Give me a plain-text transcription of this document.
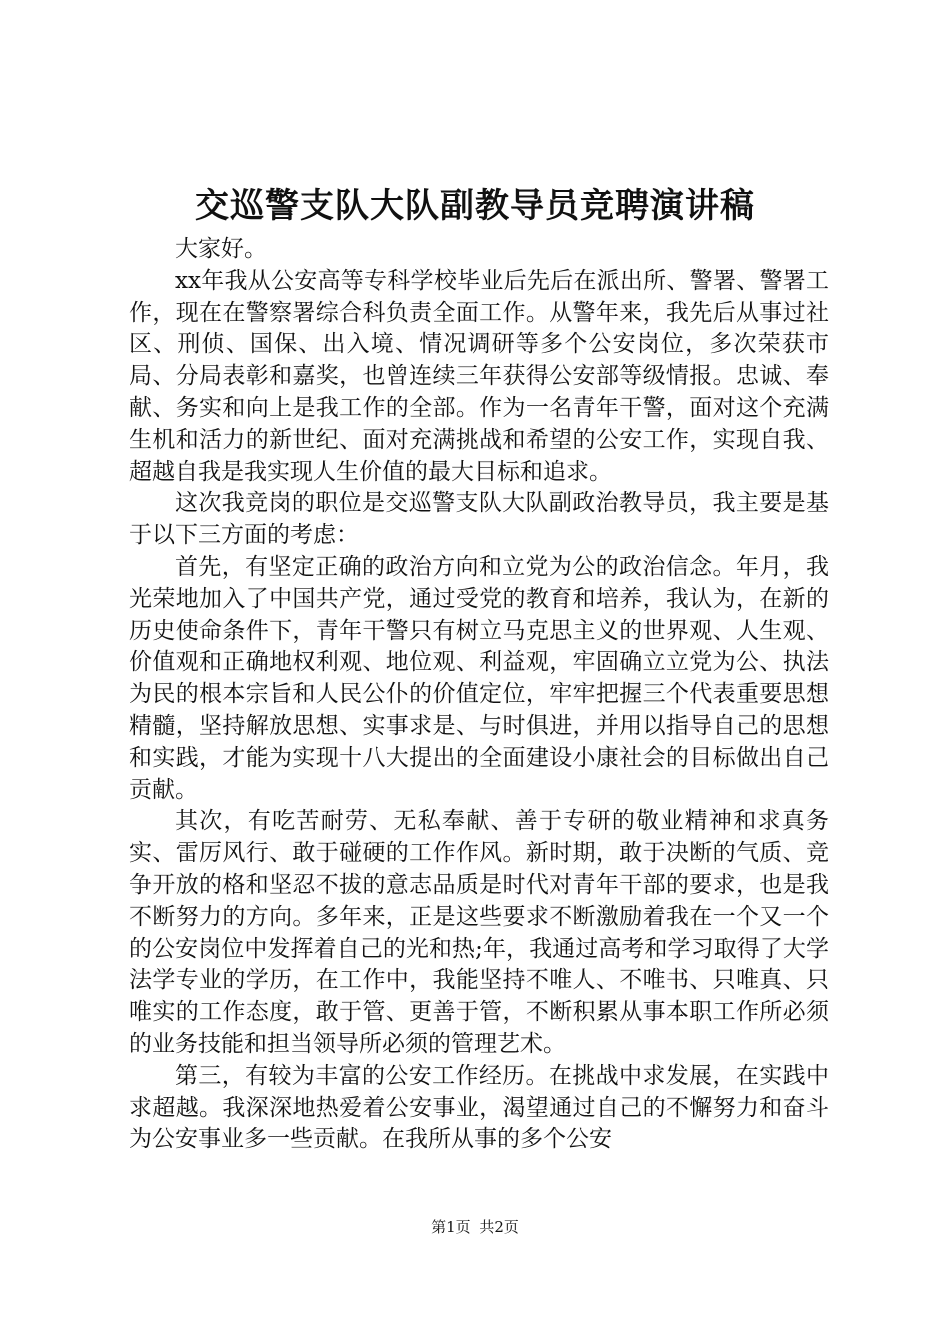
交巡警支队大队副教导员竞聘演讲稿

大家好。

xx年我从公安高等专科学校毕业后先后在派出所、警署、警署工作，现在在警察署综合科负责全面工作。从警年来，我先后从事过社区、刑侦、国保、出入境、情况调研等多个公安岗位，多次荣获市局、分局表彰和嘉奖，也曾连续三年获得公安部等级情报。忠诚、奉献、务实和向上是我工作的全部。作为一名青年干警，面对这个充满生机和活力的新世纪、面对充满挑战和希望的公安工作，实现自我、超越自我是我实现人生价值的最大目标和追求。

这次我竞岗的职位是交巡警支队大队副政治教导员，我主要是基于以下三方面的考虑：

首先，有坚定正确的政治方向和立党为公的政治信念。年月，我光荣地加入了中国共产党，通过受党的教育和培养，我认为，在新的历史使命条件下，青年干警只有树立马克思主义的世界观、人生观、价值观和正确地权利观、地位观、利益观，牢固确立立党为公、执法为民的根本宗旨和人民公仆的价值定位，牢牢把握三个代表重要思想精髓，坚持解放思想、实事求是、与时俱进，并用以指导自己的思想和实践，才能为实现十八大提出的全面建设小康社会的目标做出自己贡献。

其次，有吃苦耐劳、无私奉献、善于专研的敬业精神和求真务实、雷厉风行、敢于碰硬的工作作风。新时期，敢于决断的气质、竞争开放的格和坚忍不拔的意志品质是时代对青年干部的要求，也是我不断努力的方向。多年来，正是这些要求不断激励着我在一个又一个的公安岗位中发挥着自己的光和热;年，我通过高考和学习取得了大学法学专业的学历，在工作中，我能坚持不唯人、不唯书、只唯真、只唯实的工作态度，敢于管、更善于管，不断积累从事本职工作所必须的业务技能和担当领导所必须的管理艺术。

第三，有较为丰富的公安工作经历。在挑战中求发展，在实践中求超越。我深深地热爱着公安事业，渴望通过自己的不懈努力和奋斗为公安事业多一些贡献。在我所从事的多个公安

第1页 共2页
